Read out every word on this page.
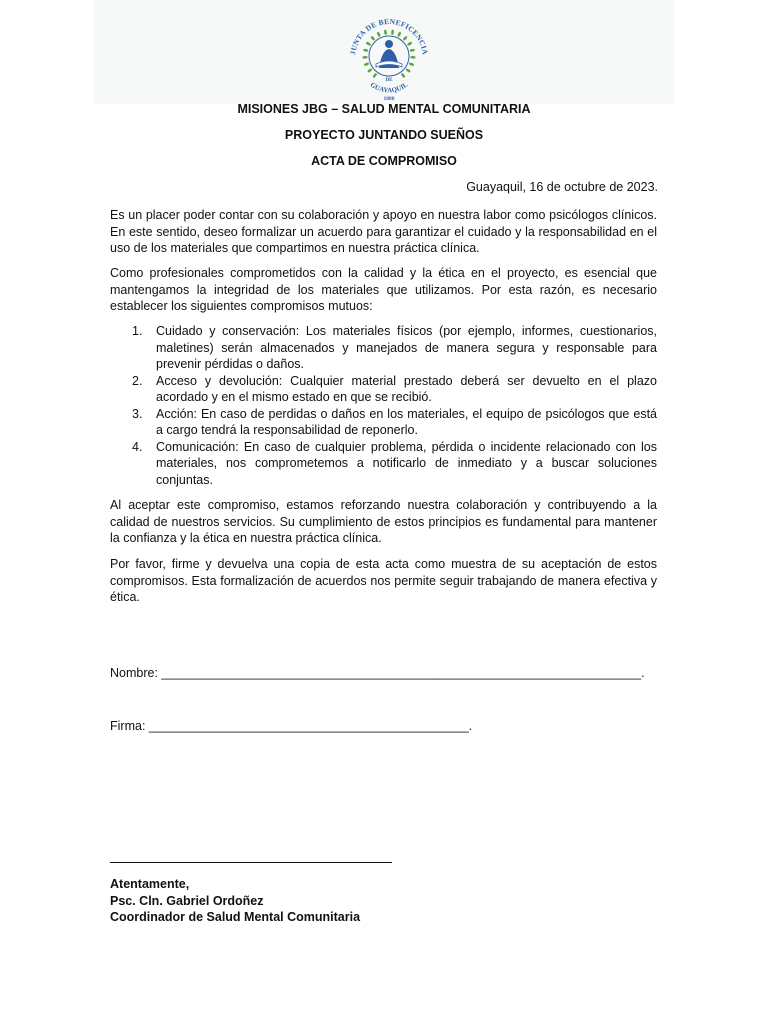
JUNTA DE BENEFICENCIA
DE
GUAYAQUIL
1888
MISIONES JBG – SALUD MENTAL COMUNITARIA
PROYECTO JUNTANDO SUEÑOS
ACTA DE COMPROMISO
Guayaquil, 16 de octubre de 2023.

Es un placer poder contar con su colaboración y apoyo en nuestra labor como psicólogos clínicos. En este sentido, deseo formalizar un acuerdo para garantizar el cuidado y la responsabilidad en el uso de los materiales que compartimos en nuestra práctica clínica.

Como profesionales comprometidos con la calidad y la ética en el proyecto, es esencial que mantengamos la integridad de los materiales que utilizamos. Por esta razón, es necesario establecer los siguientes compromisos mutuos:

1. Cuidado y conservación: Los materiales físicos (por ejemplo, informes, cuestionarios, maletines) serán almacenados y manejados de manera segura y responsable para prevenir pérdidas o daños.
2. Acceso y devolución: Cualquier material prestado deberá ser devuelto en el plazo acordado y en el mismo estado en que se recibió.
3. Acción: En caso de perdidas o daños en los materiales, el equipo de psicólogos que está a cargo tendrá la responsabilidad de reponerlo.
4. Comunicación: En caso de cualquier problema, pérdida o incidente relacionado con los materiales, nos comprometemos a notificarlo de inmediato y a buscar soluciones conjuntas.

Al aceptar este compromiso, estamos reforzando nuestra colaboración y contribuyendo a la calidad de nuestros servicios. Su cumplimiento de estos principios es fundamental para mantener la confianza y la ética en nuestra práctica clínica.

Por favor, firme y devuelva una copia de esta acta como muestra de su aceptación de estos compromisos. Esta formalización de acuerdos nos permite seguir trabajando de manera efectiva y ética.

Nombre: _____________________________________________________________________.
Firma: ______________________________________________.
Atentamente,
Psc. Cln. Gabriel Ordoñez
Coordinador de Salud Mental Comunitaria
